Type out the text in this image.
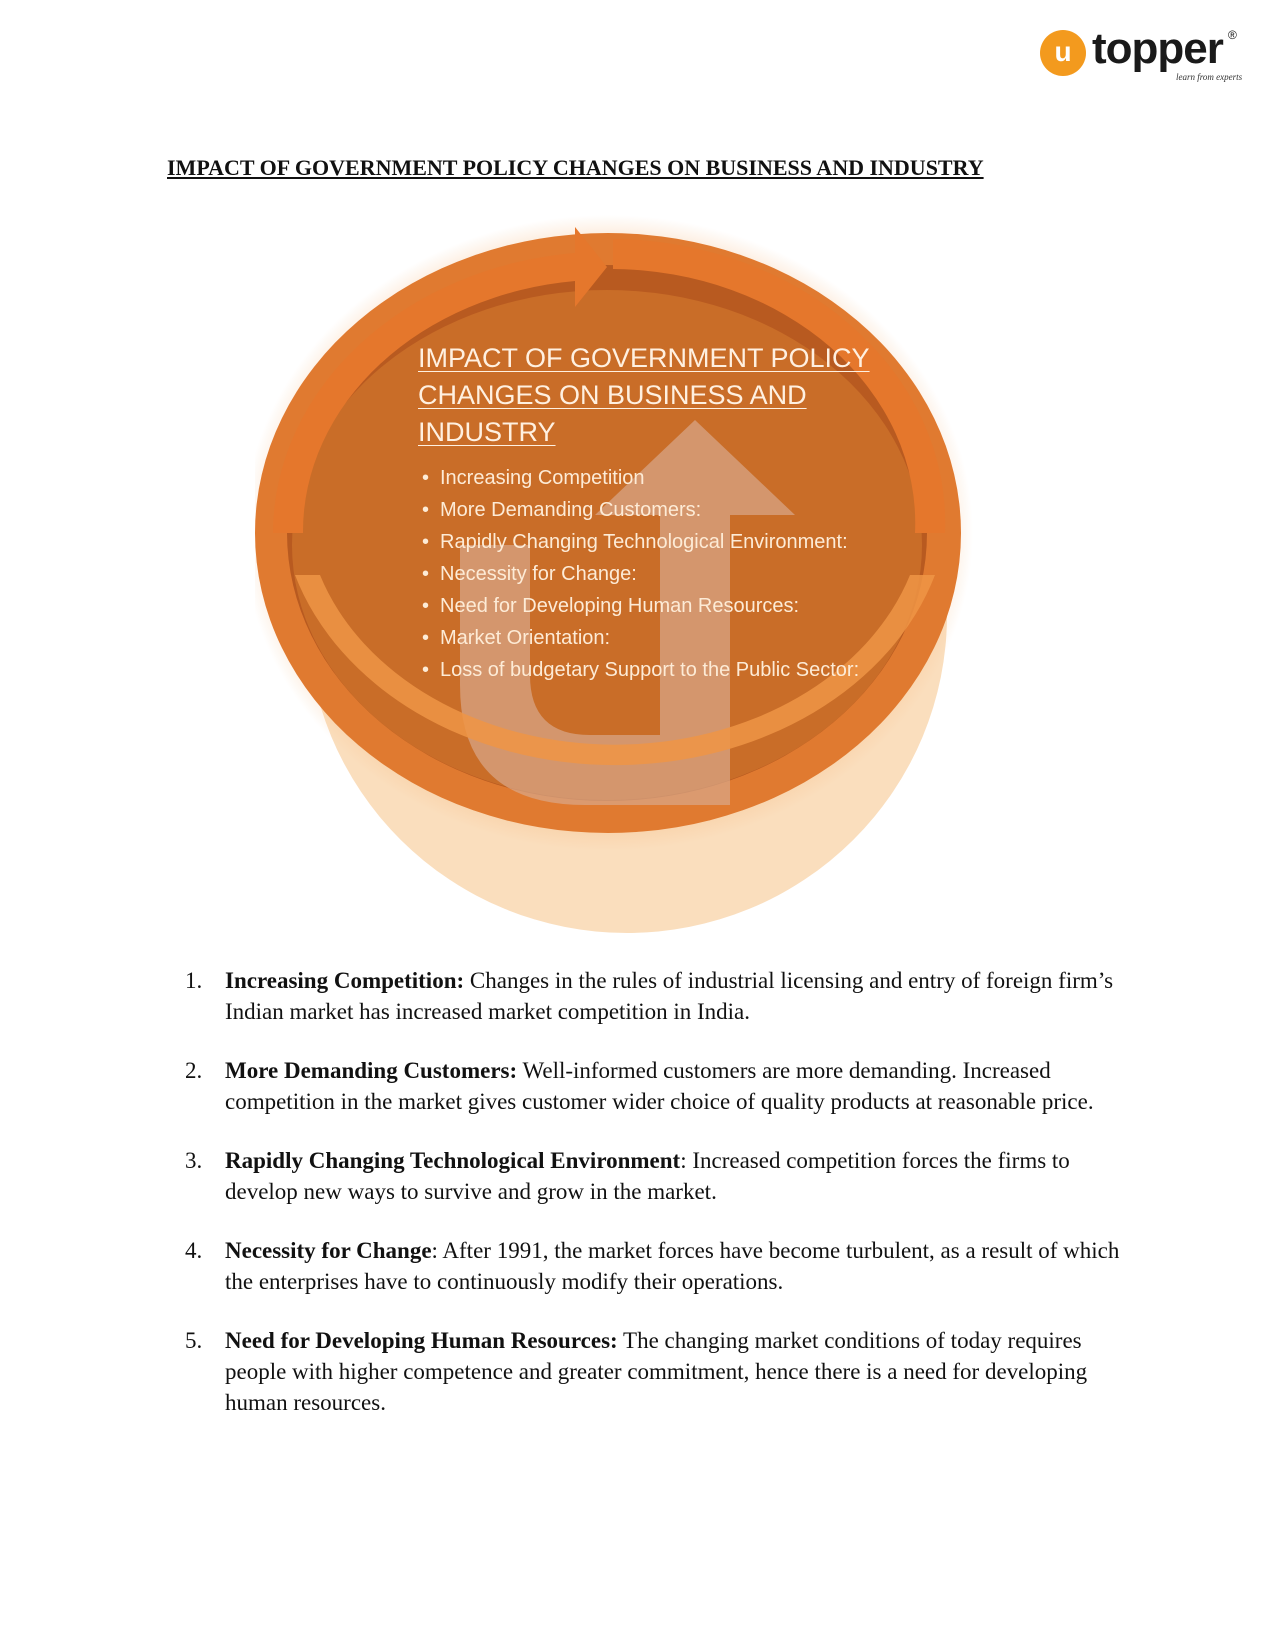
u topper ®
learn from experts
IMPACT OF GOVERNMENT POLICY CHANGES ON BUSINESS AND INDUSTRY
IMPACT OF GOVERNMENT POLICY CHANGES ON BUSINESS AND INDUSTRY
• Increasing Competition
• More Demanding Customers:
• Rapidly Changing Technological Environment:
• Necessity for Change:
• Need for Developing Human Resources:
• Market Orientation:
• Loss of budgetary Support to the Public Sector:
1. Increasing Competition: Changes in the rules of industrial licensing and entry of foreign firm’s Indian market has increased market competition in India.
2. More Demanding Customers: Well-informed customers are more demanding. Increased competition in the market gives customer wider choice of quality products at reasonable price.
3. Rapidly Changing Technological Environment: Increased competition forces the firms to develop new ways to survive and grow in the market.
4. Necessity for Change: After 1991, the market forces have become turbulent, as a result of which the enterprises have to continuously modify their operations.
5. Need for Developing Human Resources: The changing market conditions of today requires people with higher competence and greater commitment, hence there is a need for developing human resources.
